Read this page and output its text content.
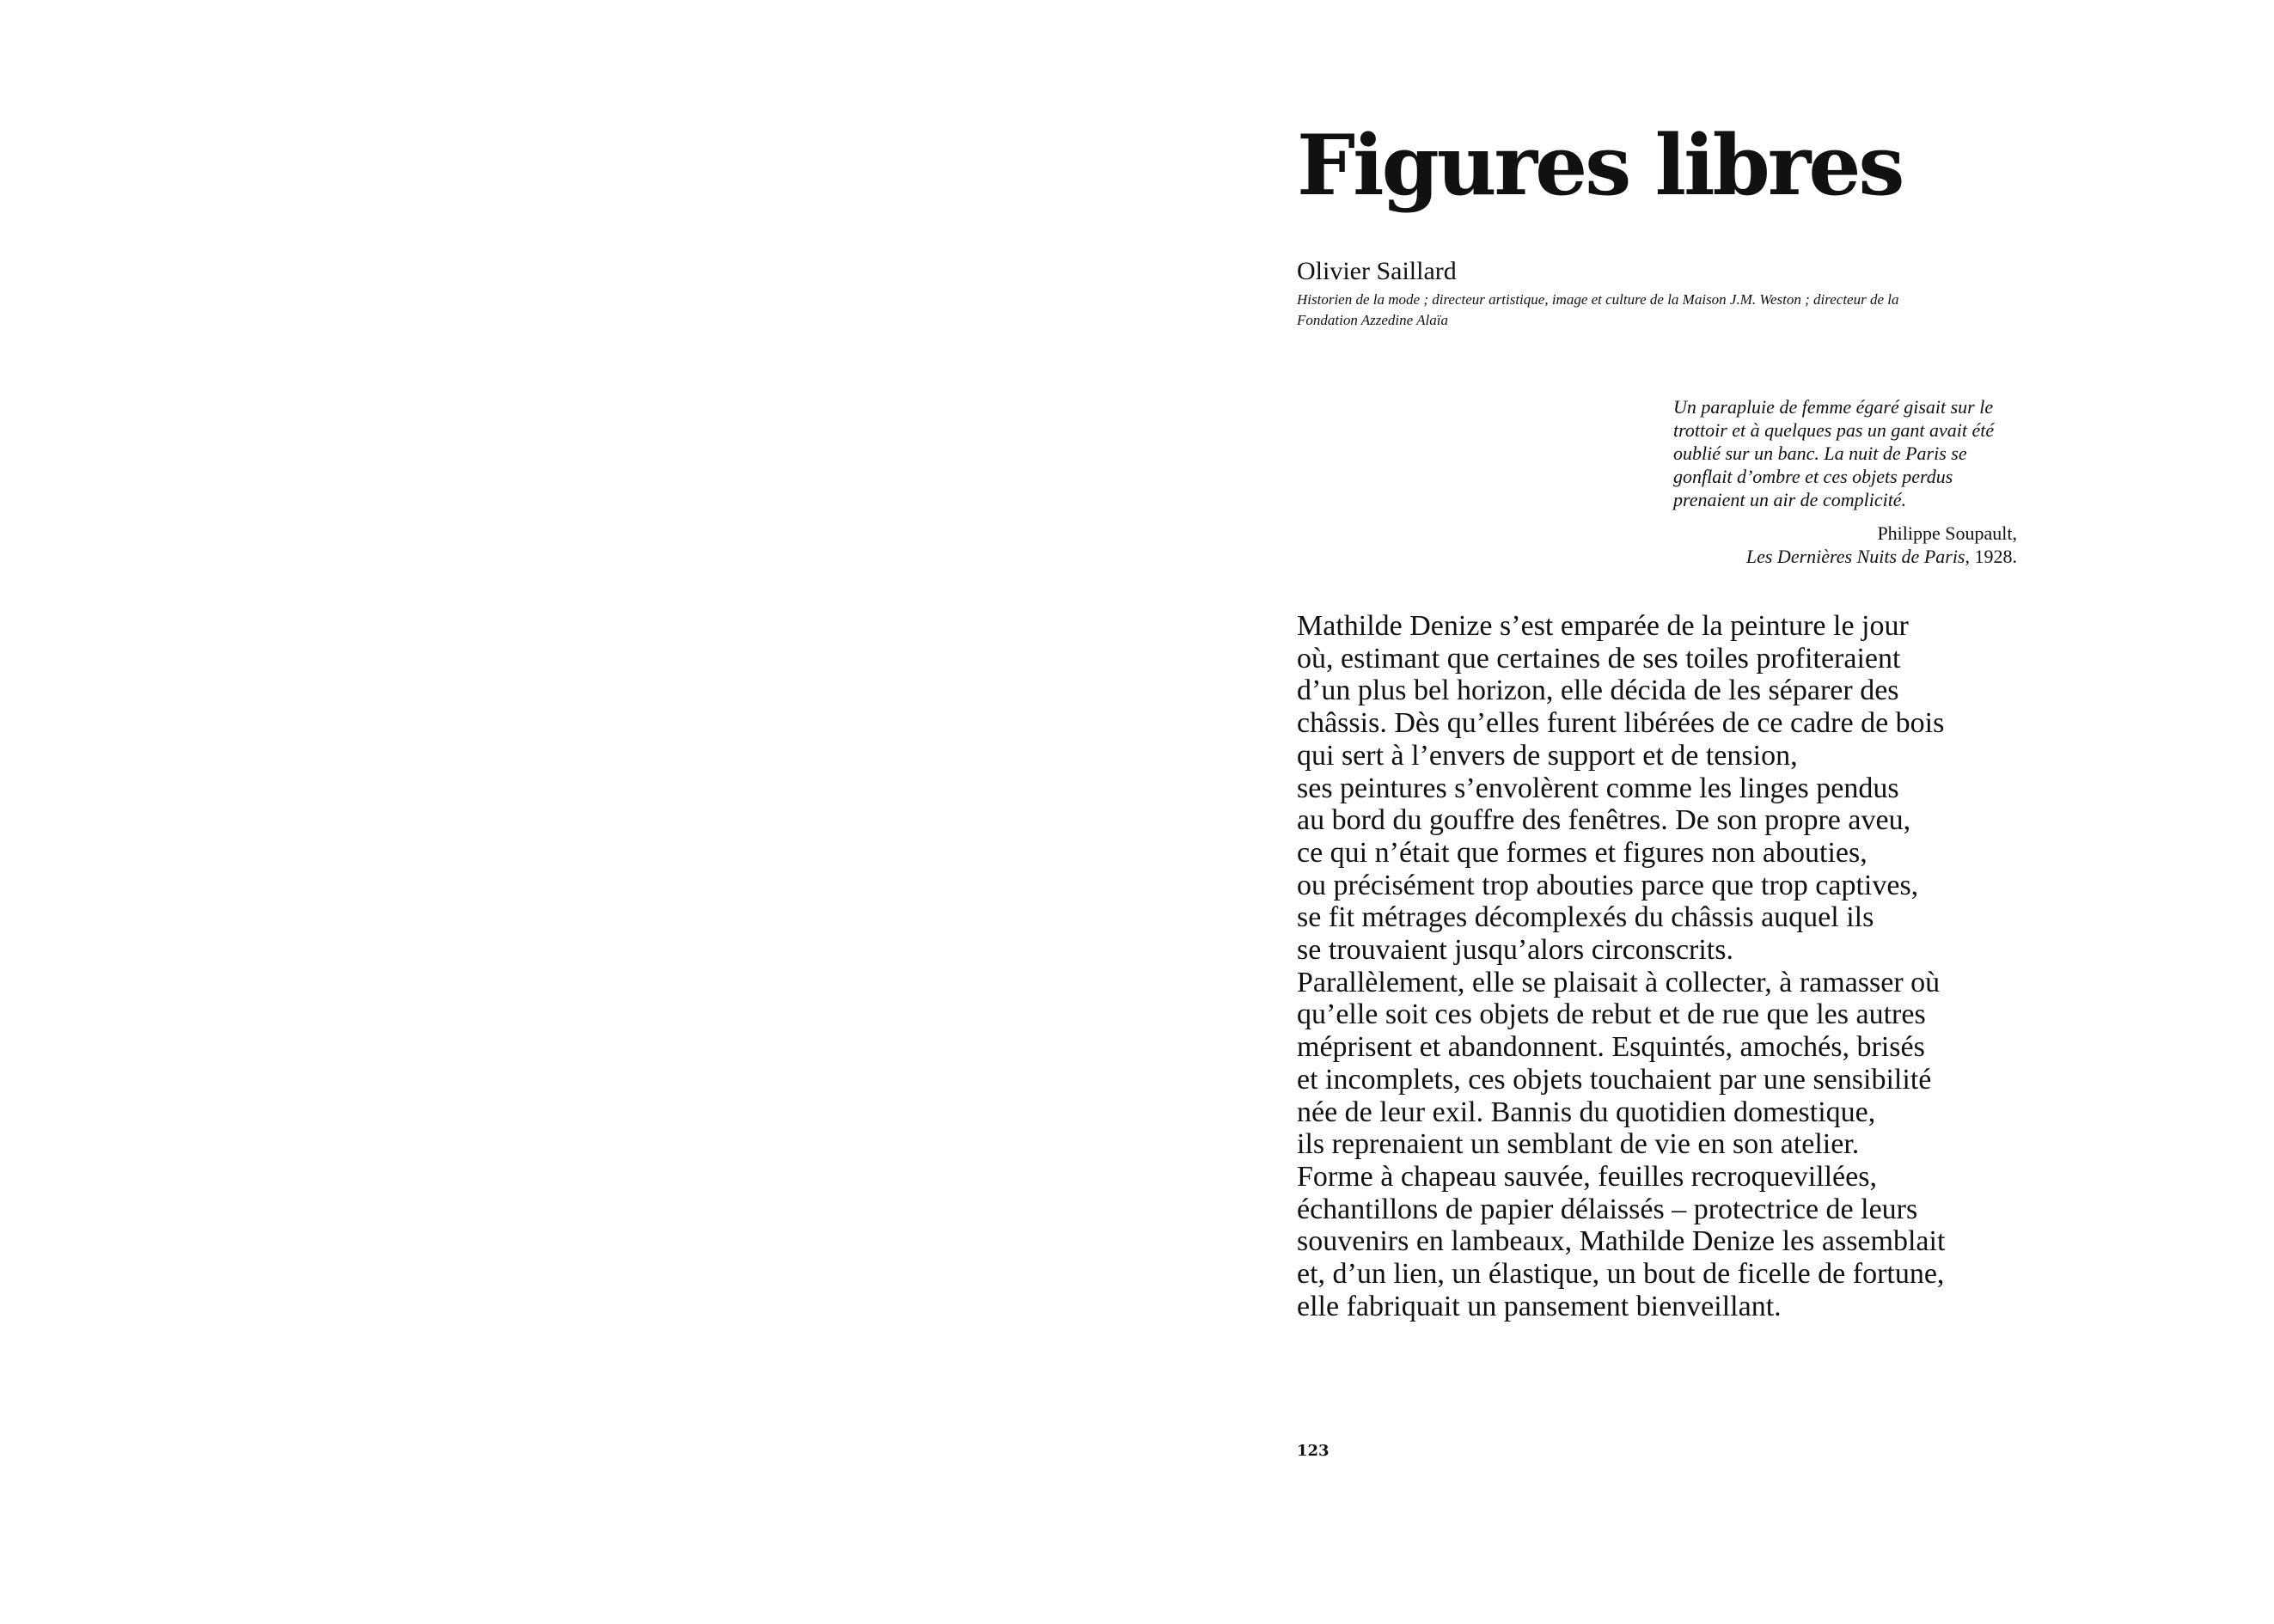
Figures libres
Olivier Saillard
Historien de la mode ; directeur artistique, image et culture de la Maison J.M. Weston ; directeur de la Fondation Azzedine Alaïa

Un parapluie de femme égaré gisait sur le trottoir et à quelques pas un gant avait été oublié sur un banc. La nuit de Paris se gonflait d’ombre et ces objets perdus prenaient un air de complicité.

Philippe Soupault,
Les Dernières Nuits de Paris, 1928.
Mathilde Denize s’est emparée de la peinture le jour
où, estimant que certaines de ses toiles profiteraient
d’un plus bel horizon, elle décida de les séparer des
châssis. Dès qu’elles furent libérées de ce cadre de bois
qui sert à l’envers de support et de tension,
ses peintures s’envolèrent comme les linges pendus
au bord du gouffre des fenêtres. De son propre aveu,
ce qui n’était que formes et figures non abouties,
ou précisément trop abouties parce que trop captives,
se fit métrages décomplexés du châssis auquel ils
se trouvaient jusqu’alors circonscrits.
Parallèlement, elle se plaisait à collecter, à ramasser où
qu’elle soit ces objets de rebut et de rue que les autres
méprisent et abandonnent. Esquintés, amochés, brisés
et incomplets, ces objets touchaient par une sensibilité
née de leur exil. Bannis du quotidien domestique,
ils reprenaient un semblant de vie en son atelier.
Forme à chapeau sauvée, feuilles recroquevillées,
échantillons de papier délaissés – protectrice de leurs
souvenirs en lambeaux, Mathilde Denize les assemblait
et, d’un lien, un élastique, un bout de ficelle de fortune,
elle fabriquait un pansement bienveillant.
123
